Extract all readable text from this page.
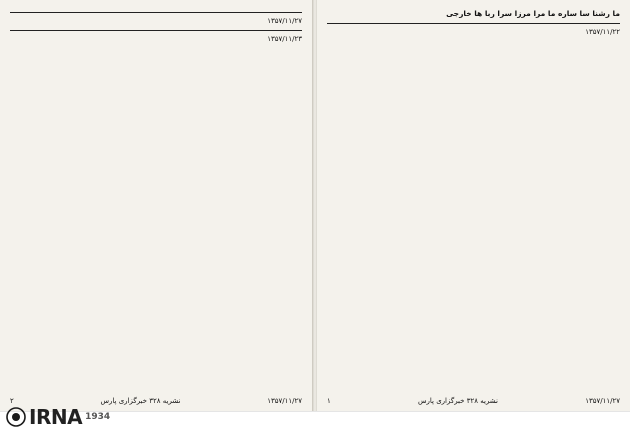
۱۳۵۷/۱۱/۲۷
۱۳۵۷/۱۱/۲۳
۱۳۵۷/۱۱/۲۷
نشریه ۳۲۸ خبرگزاری پارس
۲
ما رشنا سا ساره ما مرا مرزا سرا ربا ها خارجی
۱۳۵۷/۱۱/۲۲
۱۳۵۷/۱۱/۲۷
نشریه ۳۲۸ خبرگزاری پارس
۱
IRNA 1934
